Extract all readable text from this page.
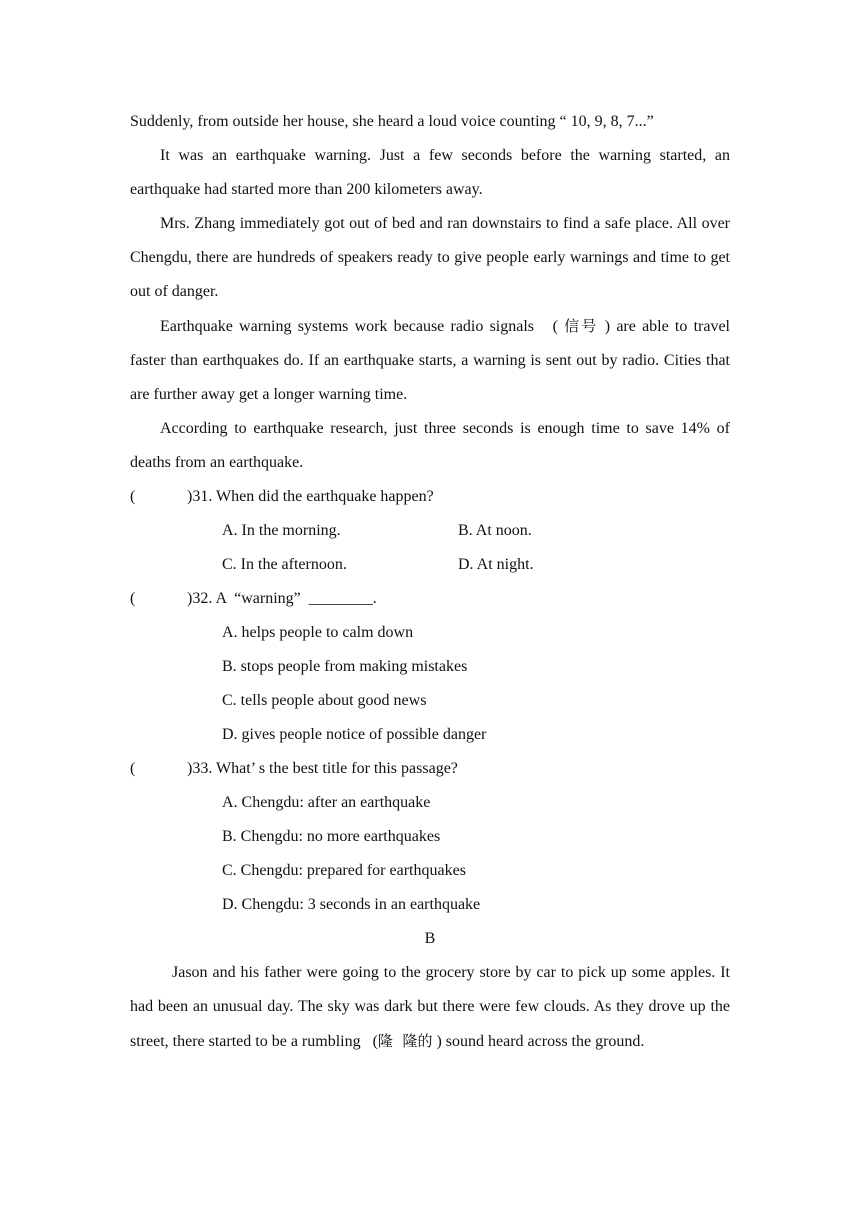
Suddenly, from outside her house, she heard a loud voice counting “ 10, 9, 8, 7...”

It was an earthquake warning. Just a few seconds before the warning started, an earthquake had started more than 200 kilometers away.

Mrs. Zhang immediately got out of bed and ran downstairs to find a safe place. All over Chengdu, there are hundreds of speakers ready to give people early warnings and time to get out of danger.

Earthquake warning systems work because radio signals   ( 信号 ) are able to travel faster than earthquakes do. If an earthquake starts, a warning is sent out by radio. Cities that are further away get a longer warning time.

According to earthquake research, just three seconds is enough time to save 14% of deaths from an earthquake.

(	)31. When did the earthquake happen?
A. In the morning.	B. At noon.
C. In the afternoon.	D. At night.
(	)32. A  “warning”  ________.
A. helps people to calm down
B. stops people from making mistakes
C. tells people about good news
D. gives people notice of possible danger
(	)33. What’ s the best title for this passage?
A. Chengdu: after an earthquake
B. Chengdu: no more earthquakes
C. Chengdu: prepared for earthquakes
D. Chengdu: 3 seconds in an earthquake
B

Jason and his father were going to the grocery store by car to pick up some apples. It had been an unusual day. The sky was dark but there were few clouds. As they drove up the street, there started to be a rumbling   (隆  隆的 ) sound heard across the ground.
